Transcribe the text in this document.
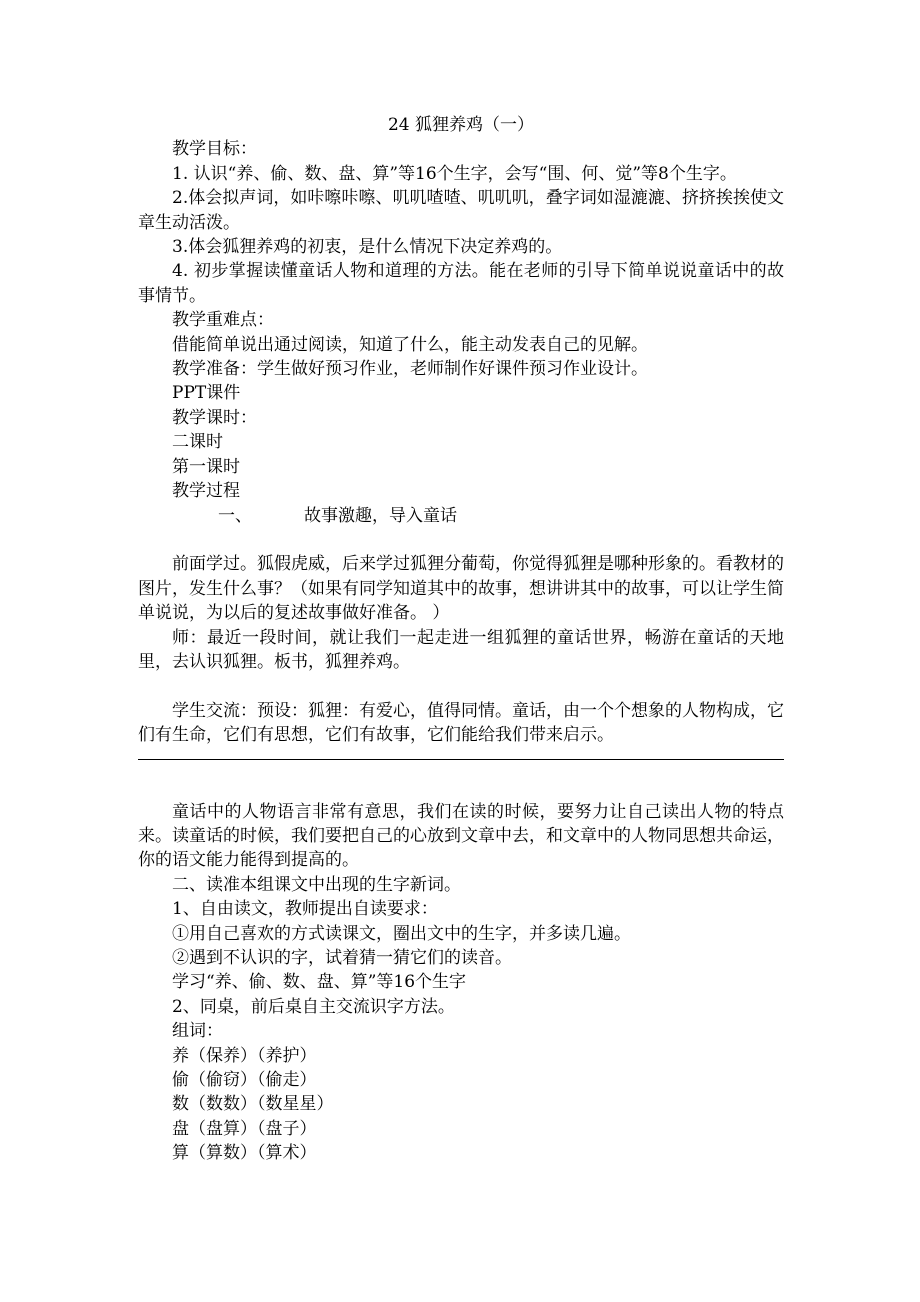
24 狐狸养鸡（一）

教学目标：

1. 认识“养、偷、数、盘、算”等16个生字，会写“围、何、觉”等8个生字。

2.体会拟声词，如咔嚓咔嚓、叽叽喳喳、叽叽叽，叠字词如湿漉漉、挤挤挨挨使文章生动活泼。

3.体会狐狸养鸡的初衷，是什么情况下决定养鸡的。

4. 初步掌握读懂童话人物和道理的方法。能在老师的引导下简单说说童话中的故事情节。

教学重难点：

借能简单说出通过阅读，知道了什么，能主动发表自己的见解。

教学准备：学生做好预习作业，老师制作好课件预习作业设计。

PPT课件

教学课时：

二课时

第一课时

教学过程

一、	故事激趣，导入童话

前面学过。狐假虎威，后来学过狐狸分葡萄，你觉得狐狸是哪种形象的。看教材的图片，发生什么事？（如果有同学知道其中的故事，想讲讲其中的故事，可以让学生简单说说，为以后的复述故事做好准备。 ）

师：最近一段时间，就让我们一起走进一组狐狸的童话世界，畅游在童话的天地里，去认识狐狸。板书，狐狸养鸡。

学生交流：预设：狐狸：有爱心，值得同情。童话，由一个个想象的人物构成，它们有生命，它们有思想，它们有故事，它们能给我们带来启示。

童话中的人物语言非常有意思，我们在读的时候，要努力让自己读出人物的特点来。读童话的时候，我们要把自己的心放到文章中去，和文章中的人物同思想共命运，你的语文能力能得到提高的。

二、读准本组课文中出现的生字新词。

1、自由读文，教师提出自读要求：

①用自己喜欢的方式读课文，圈出文中的生字，并多读几遍。

②遇到不认识的字，试着猜一猜它们的读音。

学习“养、偷、数、盘、算”等16个生字

2、同桌，前后桌自主交流识字方法。

组词：

养（保养）（养护）

偷（偷窃）（偷走）

数（数数）（数星星）

盘（盘算）（盘子）

算（算数）（算术）
